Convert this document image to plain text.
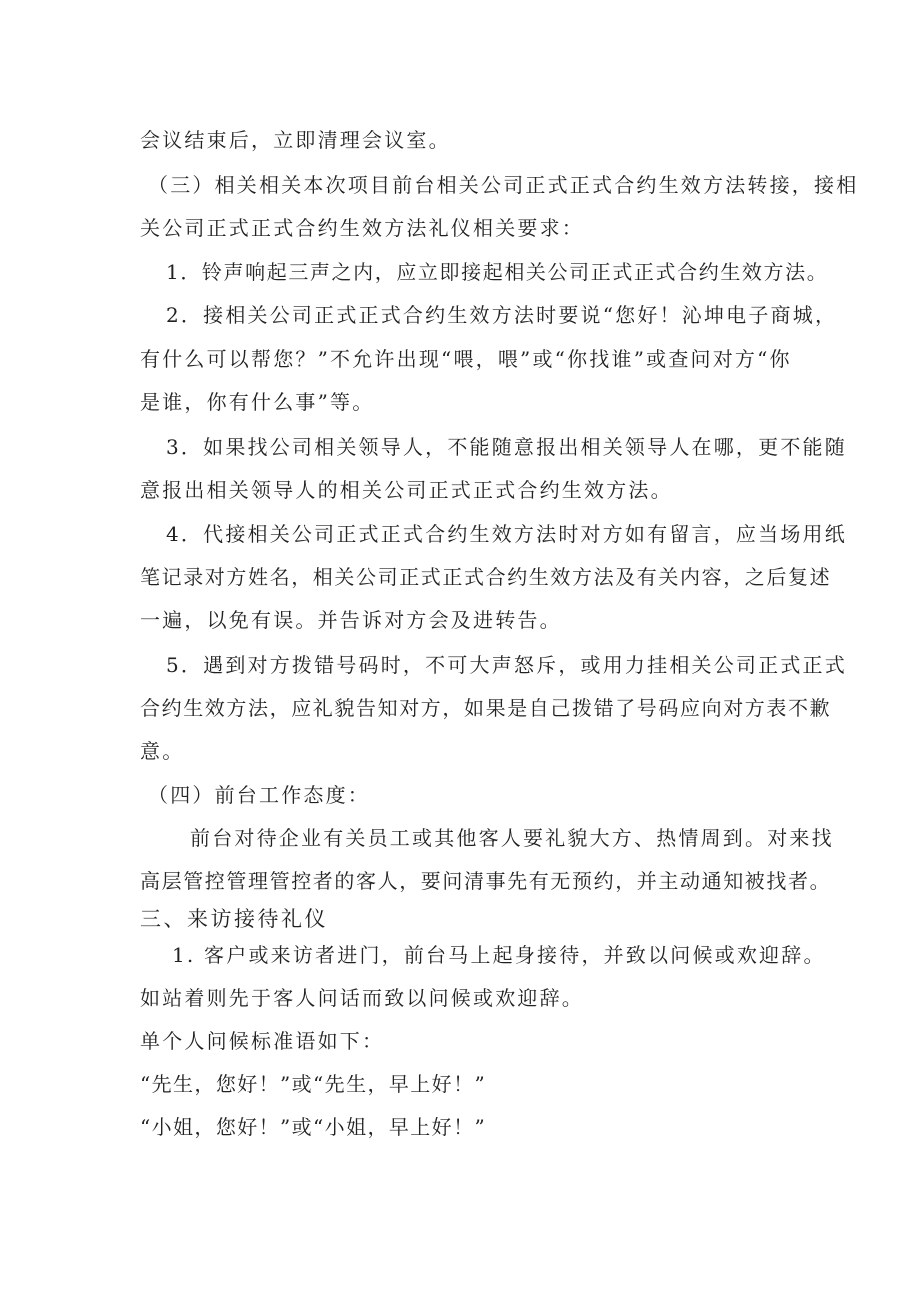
会议结束后，立即清理会议室。
（三）相关相关本次项目前台相关公司正式正式合约生效方法转接，接相
关公司正式正式合约生效方法礼仪相关要求：
1．铃声响起三声之内，应立即接起相关公司正式正式合约生效方法。
2．接相关公司正式正式合约生效方法时要说“您好！沁坤电子商城，
有什么可以帮您？”不允许出现“喂，喂”或“你找谁”或查问对方“你
是谁，你有什么事”等。
3．如果找公司相关领导人，不能随意报出相关领导人在哪，更不能随
意报出相关领导人的相关公司正式正式合约生效方法。
4．代接相关公司正式正式合约生效方法时对方如有留言，应当场用纸
笔记录对方姓名，相关公司正式正式合约生效方法及有关内容，之后复述
一遍，以免有误。并告诉对方会及进转告。
5．遇到对方拨错号码时，不可大声怒斥，或用力挂相关公司正式正式
合约生效方法，应礼貌告知对方，如果是自己拨错了号码应向对方表不歉
意。
（四）前台工作态度：
前台对待企业有关员工或其他客人要礼貌大方、热情周到。对来找
高层管控管理管控者的客人，要问清事先有无预约，并主动通知被找者。
三、来访接待礼仪
1. 客户或来访者进门，前台马上起身接待，并致以问候或欢迎辞。
如站着则先于客人问话而致以问候或欢迎辞。
单个人问候标准语如下：
“先生，您好！”或“先生，早上好！”
“小姐，您好！”或“小姐，早上好！”
